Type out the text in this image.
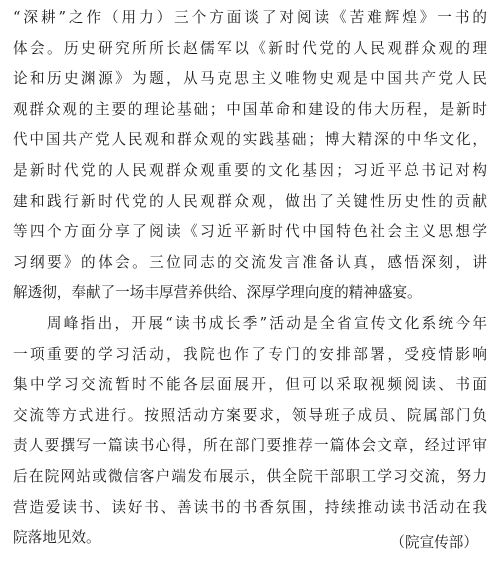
“深耕”之作（用力）三个方面谈了对阅读《苦难辉煌》一书的
体会。历史研究所所长赵儒军以《新时代党的人民观群众观的理
论和历史渊源》为题，从马克思主义唯物史观是中国共产党人民
观群众观的主要的理论基础；中国革命和建设的伟大历程，是新时
代中国共产党人民观和群众观的实践基础；博大精深的中华文化，
是新时代党的人民观群众观重要的文化基因；习近平总书记对构
建和践行新时代党的人民观群众观，做出了关键性历史性的贡献
等四个方面分享了阅读《习近平新时代中国特色社会主义思想学
习纲要》的体会。三位同志的交流发言准备认真，感悟深刻，讲
解透彻，奉献了一场丰厚营养供给、深厚学理向度的精神盛宴。
　　周峰指出，开展“读书成长季”活动是全省宣传文化系统今年
一项重要的学习活动，我院也作了专门的安排部署，受疫情影响
集中学习交流暂时不能各层面展开，但可以采取视频阅读、书面
交流等方式进行。按照活动方案要求，领导班子成员、院属部门负
责人要撰写一篇读书心得，所在部门要推荐一篇体会文章，经过评审
后在院网站或微信客户端发布展示，供全院干部职工学习交流，努力
营造爱读书、读好书、善读书的书香氛围，持续推动读书活动在我
院落地见效。	（院宣传部）
